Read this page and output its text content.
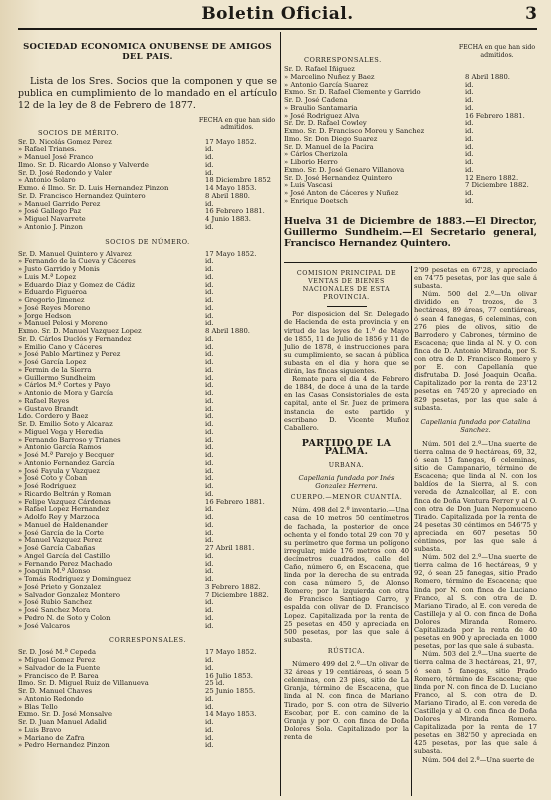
Boletin Oficial.	3
SOCIEDAD ECONOMICA ONUBENSE DE AMIGOS DEL PAIS.
Lista de los Sres. Socios que la componen y que se publica en cumplimiento de lo mandado en el artículo 12 de la ley de 8 de Febrero de 1877.
SOCIOS DE MÉRITO.
FECHA en que han sido admitidos.
Sr. D. Nicolás Gomez Perez	17 Mayo 1852.
» Rafael Trianes.	id.
» Manuel José Franco	id.
Ilmo. Sr. D. Ricardo Alonso y Valverde	id.
Sr. D. José Redondo y Valer	id.
» Antonio Solaro	18 Diciembre 1852
Exmo. é Ilmo. Sr. D. Luis Hernandez Pinzon	14 Mayo 1853.
Sr. D. Francisco Hernandez Quintero	8 Abril 1880.
» Manuel Garrido Perez	id.
» José Gallego Paz	16 Febrero 1881.
» Miguel Navarrete	4 Junio 1883.
» Antonio J. Pinzon	id.
SOCIOS DE NÚMERO.
Sr. D. Manuel Quintero y Alvarez	17 Mayo 1852.
» Fernando de la Cueva y Cáceres	id.
» Justo Garrido y Monis	id.
» Luis M.ª Lopez	id.
» Eduardo Diaz y Gomez de Cádiz	id.
» Eduardo Figueroa	id.
» Gregorio Jimenez	id.
» José Reyes Moreno	id.
» Jorge Hedson	id.
» Manuel Pelosi y Moreno	id.
Exmo. Sr. D. Manuel Vazquez Lopez	8 Abril 1880.
Sr. D. Cárlos Duclós y Fernandez	id.
» Emilio Cano y Cáceres	id.
» José Pablo Martinez y Perez	id.
» José García Lopez	id.
» Fermin de la Sierra	id.
» Guillermo Sundheim	id.
» Cárlos M.ª Cortes y Payo	id.
» Antonio de Mora y García	id.
» Rafael Reyes	id.
» Gustavo Brandt	id.
Ldo. Cordero y Baez	id.
Sr. D. Emilio Soto y Alcaraz	id.
» Miguel Vega y Heredia	id.
» Fernando Barroso y Trianes	id.
» Antonio García Ramos	id.
» José M.ª Parejo y Becquer	id.
» Antonio Fernandez García	id.
» José Fayula y Vazquez	id.
» José Coto y Coban	id.
» José Rodriguez	id.
» Ricardo Beltrán y Roman	id.
» Felipe Vazquez Cárdenas	16 Febrero 1881.
» Rafael Lopez Hernandez	id.
» Adolfo Rey y Marzoca	id.
» Manuel de Haldenander	id.
» José García de la Corte	id.
» Manuel Vazquez Perez	id.
» José García Cabañas	27 Abril 1881.
» Angel García del Castillo	id.
» Fernando Perez Machado	id.
» Joaquin M.ª Alonso	id.
» Tomás Rodriguez y Dominguez	id.
» José Prieto y Gonzalez	3 Febrero 1882.
» Salvador Gonzalez Montero	7 Diciembre 1882.
» José Rubio Sanchez	id.
» José Sanchez Mora	id.
» Pedro N. de Soto y Colon	id.
» José Valcaros	id.
CORRESPONSALES.
Sr. D. José M.ª Cepeda	17 Mayo 1852.
» Miguel Gomez Perez	id.
» Salvador de la Fuente	id.
» Francisco de P. Barea	16 Julio 1853.
Ilmo. Sr. D. Miguel Ruiz de Villanueva	25 id.
Sr. D. Manuel Chaves	25 Junio 1855.
» Antonio Redondo	id.
» Blas Tello	id.
Exmo. Sr. D. José Monsalve	14 Mayo 1853.
Sr. D. Juan Manuel Adalid	id.
» Luis Bravo	id.
» Mariano de Zafra	id.
» Pedro Hernandez Pinzon	id.
CORRESPONSALES.
FECHA en que han sido admitidos.
Sr. D. Rafael Iñiguez
» Marcelino Nuñez y Baez	8 Abril 1880.
» Antonio García Suarez	id.
Exmo. Sr. D. Rafael Clemente y Garrido	id.
Sr. D. José Cadena	id.
» Braulio Santamaria	id.
» José Rodriguez Alva	16 Febrero 1881.
Sr. Dr. D. Rafael Cowley	id.
Exmo. Sr. D. Francisco Moreu y Sanchez	id.
Ilmo. Sr. Don Diego Suarez	id.
Sr. D. Manuel de la Pacira	id.
» Cárlos Cherizola	id.
» Liborio Herro	id.
Exmo. Sr. D. José Genaro Villanova	id.
Sr. D. José Hernandez Quintero	12 Enero 1882.
» Luis Vascasi	7 Diciembre 1882.
» José Anton de Cáceres y Nuñez	id.
» Enrique Doetsch	id.
Huelva 31 de Diciembre de 1883.—El Director, Guillermo Sundheim.—El Secretario general, Francisco Hernandez Quintero.
COMISION PRINCIPAL DE VENTAS DE BIENES NACIONALES DE ESTA PROVINCIA.

Por disposicion del Sr. Delegado de Hacienda de esta provincia y en virtud de las leyes de 1.º de Mayo de 1855, 11 de Julio de 1856 y 11 de Julio de 1878, é instrucciones para su cumplimiento, se sacan á pública subasta en el dia y hora que se dirán, las fincas siguientes.

Remate para el dia 4 de Febrero de 1884, de doce á una de la tarde en las Casas Consistoriales de esta capital, ante el Sr. Juez de primera instancia de este partido y escribano D. Vicente Muñoz Caballero.

PARTIDO DE LA PALMA.
URBANA.
Capellania fundada por Inés Gonzalez Herrera.
CUERPO.—MENOR CUANTÍA.

Núm. 498 del 2.º inventario.—Una casa de 10 metros 50 centímetros de fachada, la posterior de once ochenta y el fondo total 29 con 70 y su perímetro que forma un polígono irregular, mide 176 metros con 40 decímetros cuadrados, calle del Caño, número 6, en Escacena, que linda por la derecha de su entrada con casa número 5, de Alonso Romero; por la izquierda con otra de Francisco Santiago Carro, y espalda con olivar de D. Francisco Lopez. Capitalizada por la renta de 25 pesetas en 450 y apreciada en 500 pesetas, por las que sale á subasta.

RÚSTICA.

Número 499 del 2.º—Un olivar de 32 áreas y 19 centiáreas, ó sean 5 celeminas, con 23 pies, sitio de La Granja, término de Escacena, que linda al N. con finca de Mariano Tirado, por S. con otra de Silverio Escobar, por E. con camino de la Granja y por O. con finca de Doña Dolores Sola. Capitalizado por la renta de

2'99 pesetas en 67'28, y apreciado en 74'75 pesetas, por las que sale á subasta.

Núm. 500 del 2.º—Un olivar dividido en 7 trozos, de 3 hectáreas, 89 áreas, 77 centiáreas, ó sean 4 fanegas, 6 celeminas, con 276 pies de olivos, sitio de Barrodero y Cabrones, término de Escacena; que linda al N. y O. con finca de D. Antonio Miranda, por S. con otra de D. Francisco Romero y por E. con Capellanía que disfrutaba D. José Joaquin Ocaña. Capitalizado por la renta de 23'12 pesetas en 745'20 y apreciado en 829 pesetas, por las que sale á subasta.

Capellania fundada por Catalina Sanchez.

Núm. 501 del 2.º—Una suerte de tierra calma de 9 hectáreas, 69, 32, ó sean 15 fanegas, 6 celeminas, sitio de Campanario, término de Escacena; que linda al N. con los baldíos de la Sierra, al S. con vereda de Aznalcollar, al E. con finca de Doña Ventura Ferrer y al O. con otra de Don Juan Nepomuceno Tirado. Capitalizada por la renta de 24 pesetas 30 céntimos en 546'75 y apreciada en 607 pesetas 50 céntimos, por las que sale á subasta.

Núm. 502 del 2.º—Una suerte de tierra calma de 16 hectáreas, 9 y 92, ó sean 25 fanegas, sitio Prado Romero, término de Escacena; que linda por N. con finca de Luciano Franco, al S. con otra de D. Mariano Tirado, al E. con vereda de Castilleja y al O. con finca de Doña Dolores Miranda Romero. Capitalizada por la renta de 40 pesetas en 900 y apreciada en 1000 pesetas, por las que sale á subasta.

Núm. 503 del 2.º—Una suerte de tierra calma de 3 hectáreas, 21, 97, ó sean 5 fanegas, sitio Prado Romero, término de Escacena; que linda por N. con finca de D. Luciano Franco, al S. con otra de D. Mariano Tirado, al E. con vereda de Castilleja y al O. con finca de Doña Dolores Miranda Romero. Capitalizada por la renta de 17 pesetas en 382'50 y apreciada en 425 pesetas, por las que sale á subasta.

Núm. 504 del 2.º—Una suerte de
